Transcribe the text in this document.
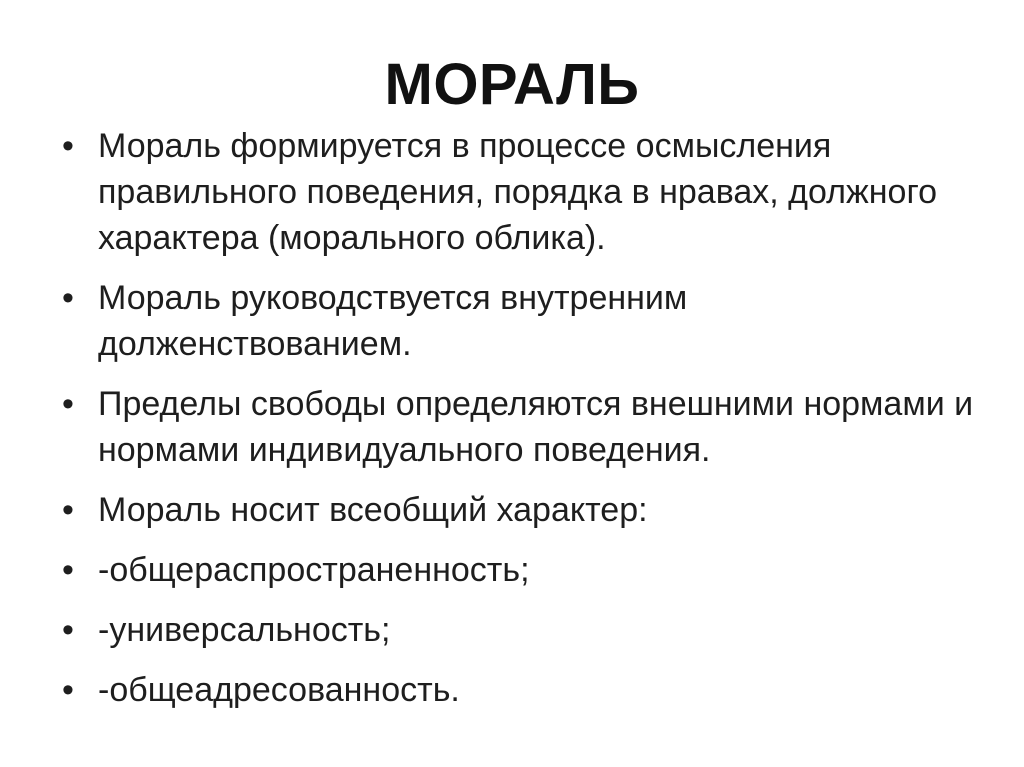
МОРАЛЬ
• Мораль формируется в процессе осмысления правильного поведения, порядка в нравах, должного характера (морального облика).
• Мораль руководствуется внутренним долженствованием.
• Пределы свободы определяются внешними нормами и нормами индивидуального поведения.
• Мораль носит всеобщий характер:
• -общераспространенность;
• -универсальность;
• -общеадресованность.
